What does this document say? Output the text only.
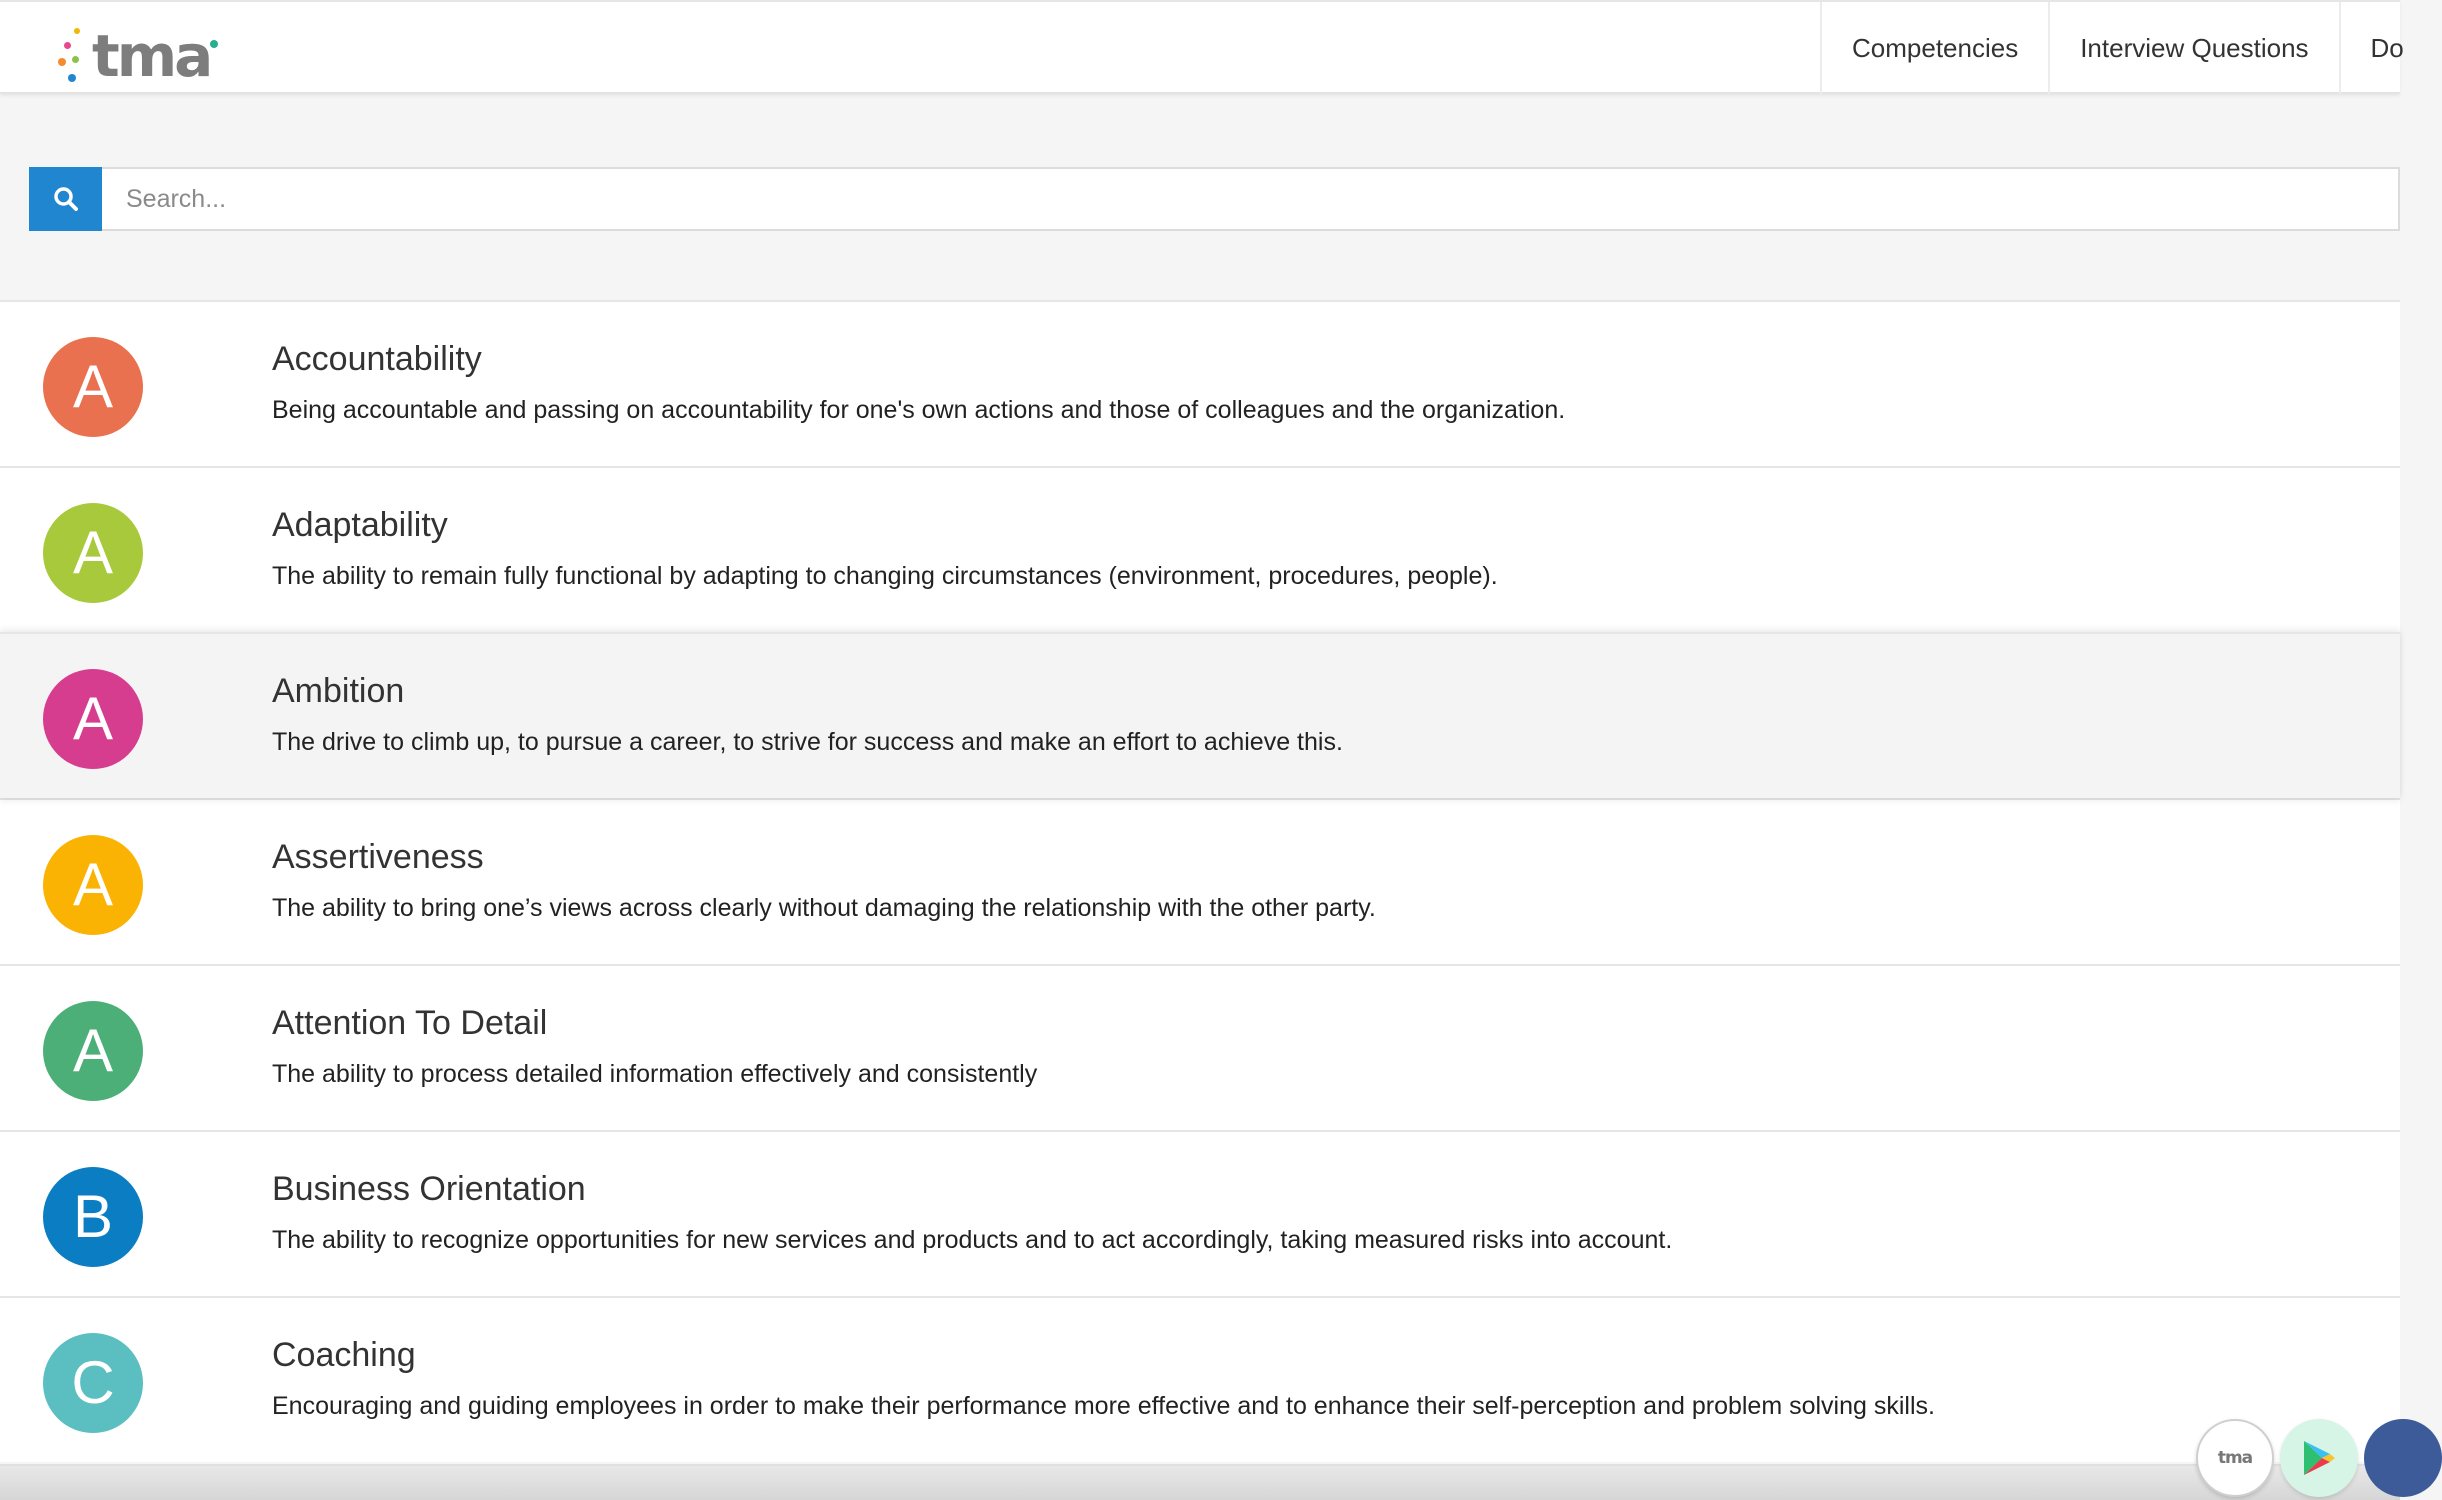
tma	Competencies	Interview Questions	Do
Search...
A	Accountability
Being accountable and passing on accountability for one's own actions and those of colleagues and the organization.
A	Adaptability
The ability to remain fully functional by adapting to changing circumstances (environment, procedures, people).
A	Ambition
The drive to climb up, to pursue a career, to strive for success and make an effort to achieve this.
A	Assertiveness
The ability to bring one’s views across clearly without damaging the relationship with the other party.
A	Attention To Detail
The ability to process detailed information effectively and consistently
B	Business Orientation
The ability to recognize opportunities for new services and products and to act accordingly, taking measured risks into account.
C	Coaching
Encouraging and guiding employees in order to make their performance more effective and to enhance their self-perception and problem solving skills.
tma
